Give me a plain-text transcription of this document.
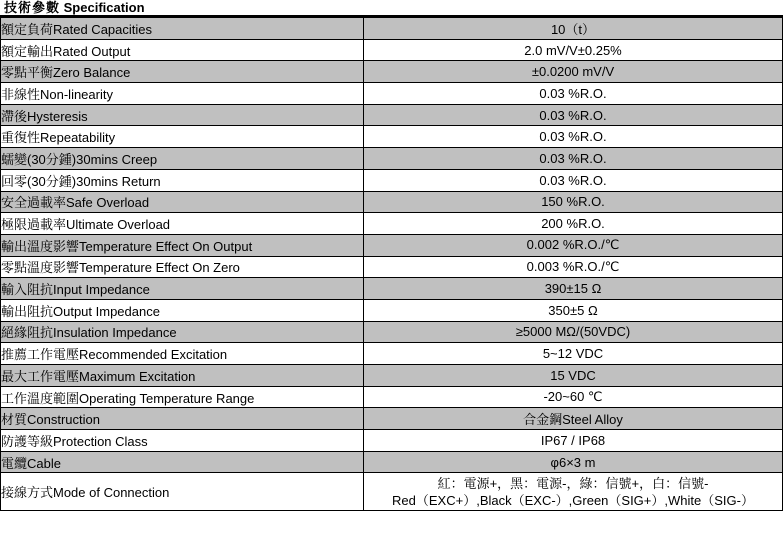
技術參數 Specification
額定負荷Rated Capacities	10（t）
額定輸出Rated Output	2.0 mV/V±0.25%
零點平衡Zero Balance	±0.0200 mV/V
非線性Non-linearity	0.03 %R.O.
滯後Hysteresis	0.03 %R.O.
重復性Repeatability	0.03 %R.O.
蠕變(30分鍾)30mins Creep	0.03 %R.O.
回零(30分鍾)30mins Return	0.03 %R.O.
安全過載率Safe Overload	150 %R.O.
極限過載率Ultimate Overload	200 %R.O.
輸出溫度影響Temperature Effect On Output	0.002 %R.O./℃
零點溫度影響Temperature Effect On Zero	0.003 %R.O./℃
輸入阻抗Input Impedance	390±15 Ω
輸出阻抗Output Impedance	350±5 Ω
絕緣阻抗Insulation Impedance	≥5000 MΩ/(50VDC)
推薦工作電壓Recommended Excitation	5~12 VDC
最大工作電壓Maximum Excitation	15 VDC
工作溫度範圍Operating Temperature Range	-20~60 ℃
材質Construction	合金鋼Steel Alloy
防護等級Protection Class	IP67 / IP68
電纜Cable	φ6×3 m
接線方式Mode of Connection	紅：電源+，黑：電源-，綠：信號+，白：信號-
Red（EXC+）,Black（EXC-）,Green（SIG+）,White（SIG-）
